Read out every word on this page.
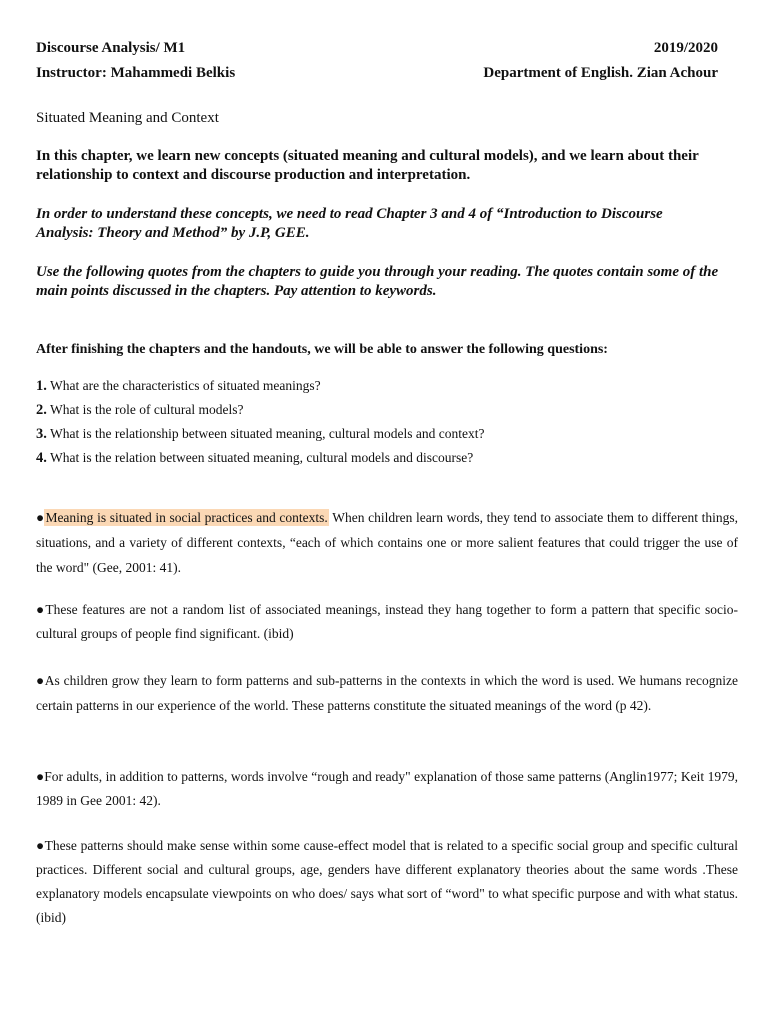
Discourse Analysis/ M1	2019/2020
Instructor: Mahammedi Belkis	Department of English. Zian Achour
Situated Meaning and Context
In this chapter, we learn new concepts (situated meaning and cultural models), and we learn about their relationship to context and discourse production and interpretation.
In order to understand these concepts, we need to read Chapter 3 and 4 of “Introduction to Discourse Analysis: Theory and Method” by J.P, GEE.
Use the following quotes from the chapters to guide you through your reading. The quotes contain some of the main points discussed in the chapters. Pay attention to keywords.
After finishing the chapters and the handouts, we will be able to answer the following questions:
1. What are the characteristics of situated meanings?
2. What is the role of cultural models?
3. What is the relationship between situated meaning, cultural models and context?
4. What is the relation between situated meaning, cultural models and discourse?
●Meaning is situated in social practices and contexts. When children learn words, they tend to associate them to different things, situations, and a variety of different contexts, “each of which contains one or more salient features that could trigger the use of the word" (Gee, 2001: 41).
●These features are not a random list of associated meanings, instead they hang together to form a pattern that specific socio-cultural groups of people find significant. (ibid)
●As children grow they learn to form patterns and sub-patterns in the contexts in which the word is used. We humans recognize certain patterns in our experience of the world. These patterns constitute the situated meanings of the word (p 42).
●For adults, in addition to patterns, words involve “rough and ready" explanation of those same patterns (Anglin1977; Keit 1979, 1989 in Gee 2001: 42).
●These patterns should make sense within some cause-effect model that is related to a specific social group and specific cultural practices. Different social and cultural groups, age, genders have different explanatory theories about the same words .These explanatory models encapsulate viewpoints on who does/ says what sort of “word" to what specific purpose and with what status. (ibid)
